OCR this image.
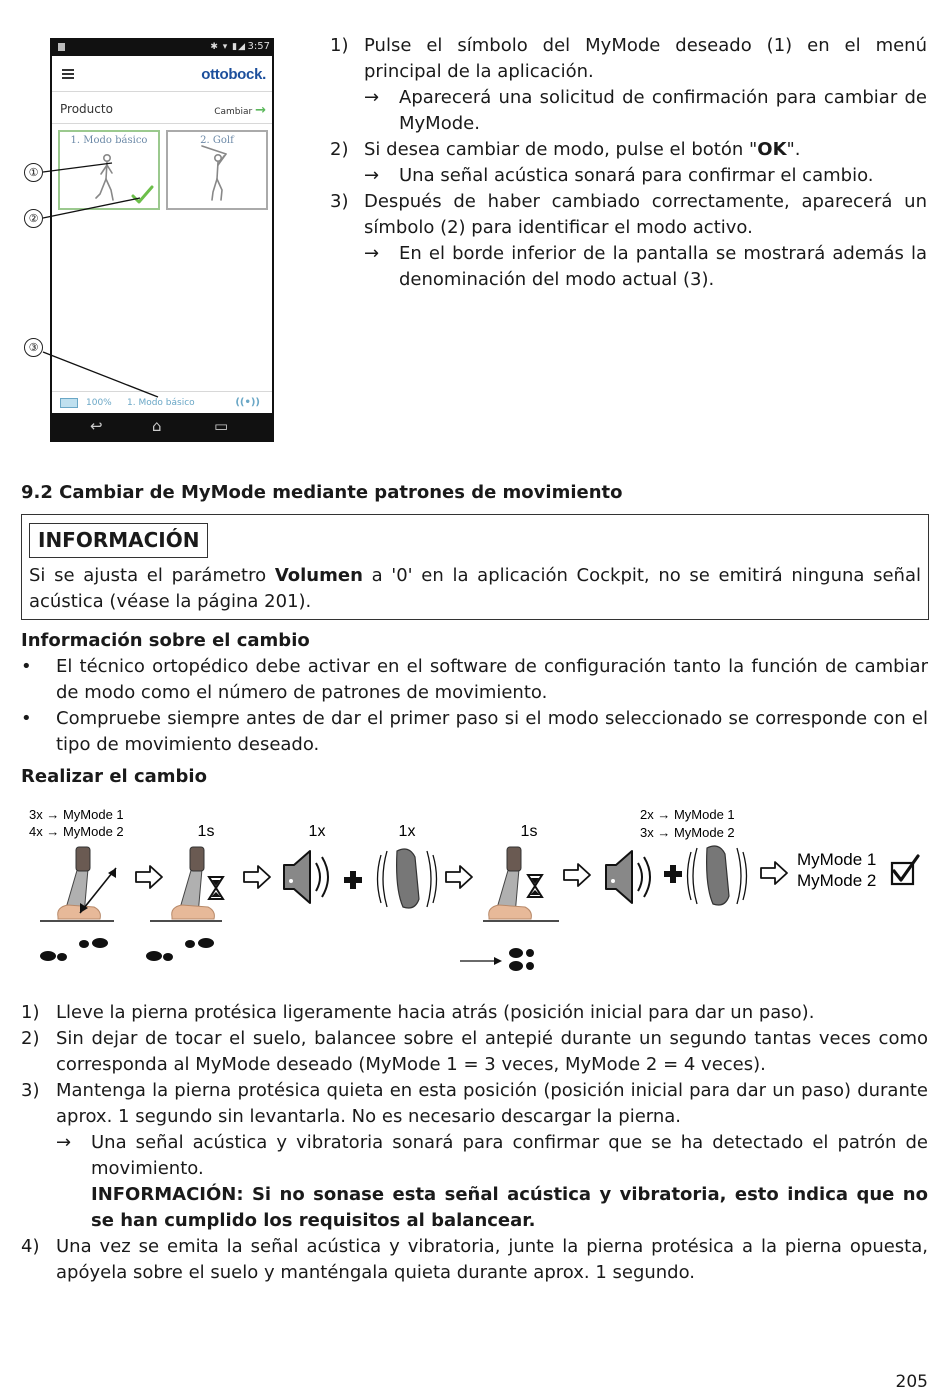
✱ ▾ ▮◢ 3:57
ottobock.
Producto	Cambiar →
1. Modo básico	2. Golf
100% 1. Modo básico	((•))
↩	⌂	▭
①
②
③
1) Pulse el símbolo del MyMode deseado (1) en el menú principal de la aplicación.
→ Aparecerá una solicitud de confirmación para cambiar de MyMode.
2) Si desea cambiar de modo, pulse el botón "OK".
→ Una señal acústica sonará para confirmar el cambio.
3) Después de haber cambiado correctamente, aparecerá un símbolo (2) para identificar el modo activo.
→ En el borde inferior de la pantalla se mostrará además la denominación del modo actual (3).
9.2 Cambiar de MyMode mediante patrones de movimiento
INFORMACIÓN
Si se ajusta el parámetro Volumen a '0' en la aplicación Cockpit, no se emitirá ninguna señal acústica (véase la página 201).
Información sobre el cambio
• El técnico ortopédico debe activar en el software de configuración tanto la función de cambiar de modo como el número de patrones de movimiento.
• Compruebe siempre antes de dar el primer paso si el modo seleccionado se corresponde con el tipo de movimiento deseado.
Realizar el cambio
3x → MyMode 1
4x → MyMode 2	1s	1x	1x	1s
2x → MyMode 1
3x → MyMode 2
MyMode 1
MyMode 2
1) Lleve la pierna protésica ligeramente hacia atrás (posición inicial para dar un paso).
2) Sin dejar de tocar el suelo, balancee sobre el antepié durante un segundo tantas veces como corresponda al MyMode deseado (MyMode 1 = 3 veces, MyMode 2 = 4 veces).
3) Mantenga la pierna protésica quieta en esta posición (posición inicial para dar un paso) durante aprox. 1 segundo sin levantarla. No es necesario descargar la pierna.
→ Una señal acústica y vibratoria sonará para confirmar que se ha detectado el patrón de movimiento.
INFORMACIÓN: Si no sonase esta señal acústica y vibratoria, esto indica que no se han cumplido los requisitos al balancear.
4) Una vez se emita la señal acústica y vibratoria, junte la pierna protésica a la pierna opuesta, apóyela sobre el suelo y manténgala quieta durante aprox. 1 segundo.
205
